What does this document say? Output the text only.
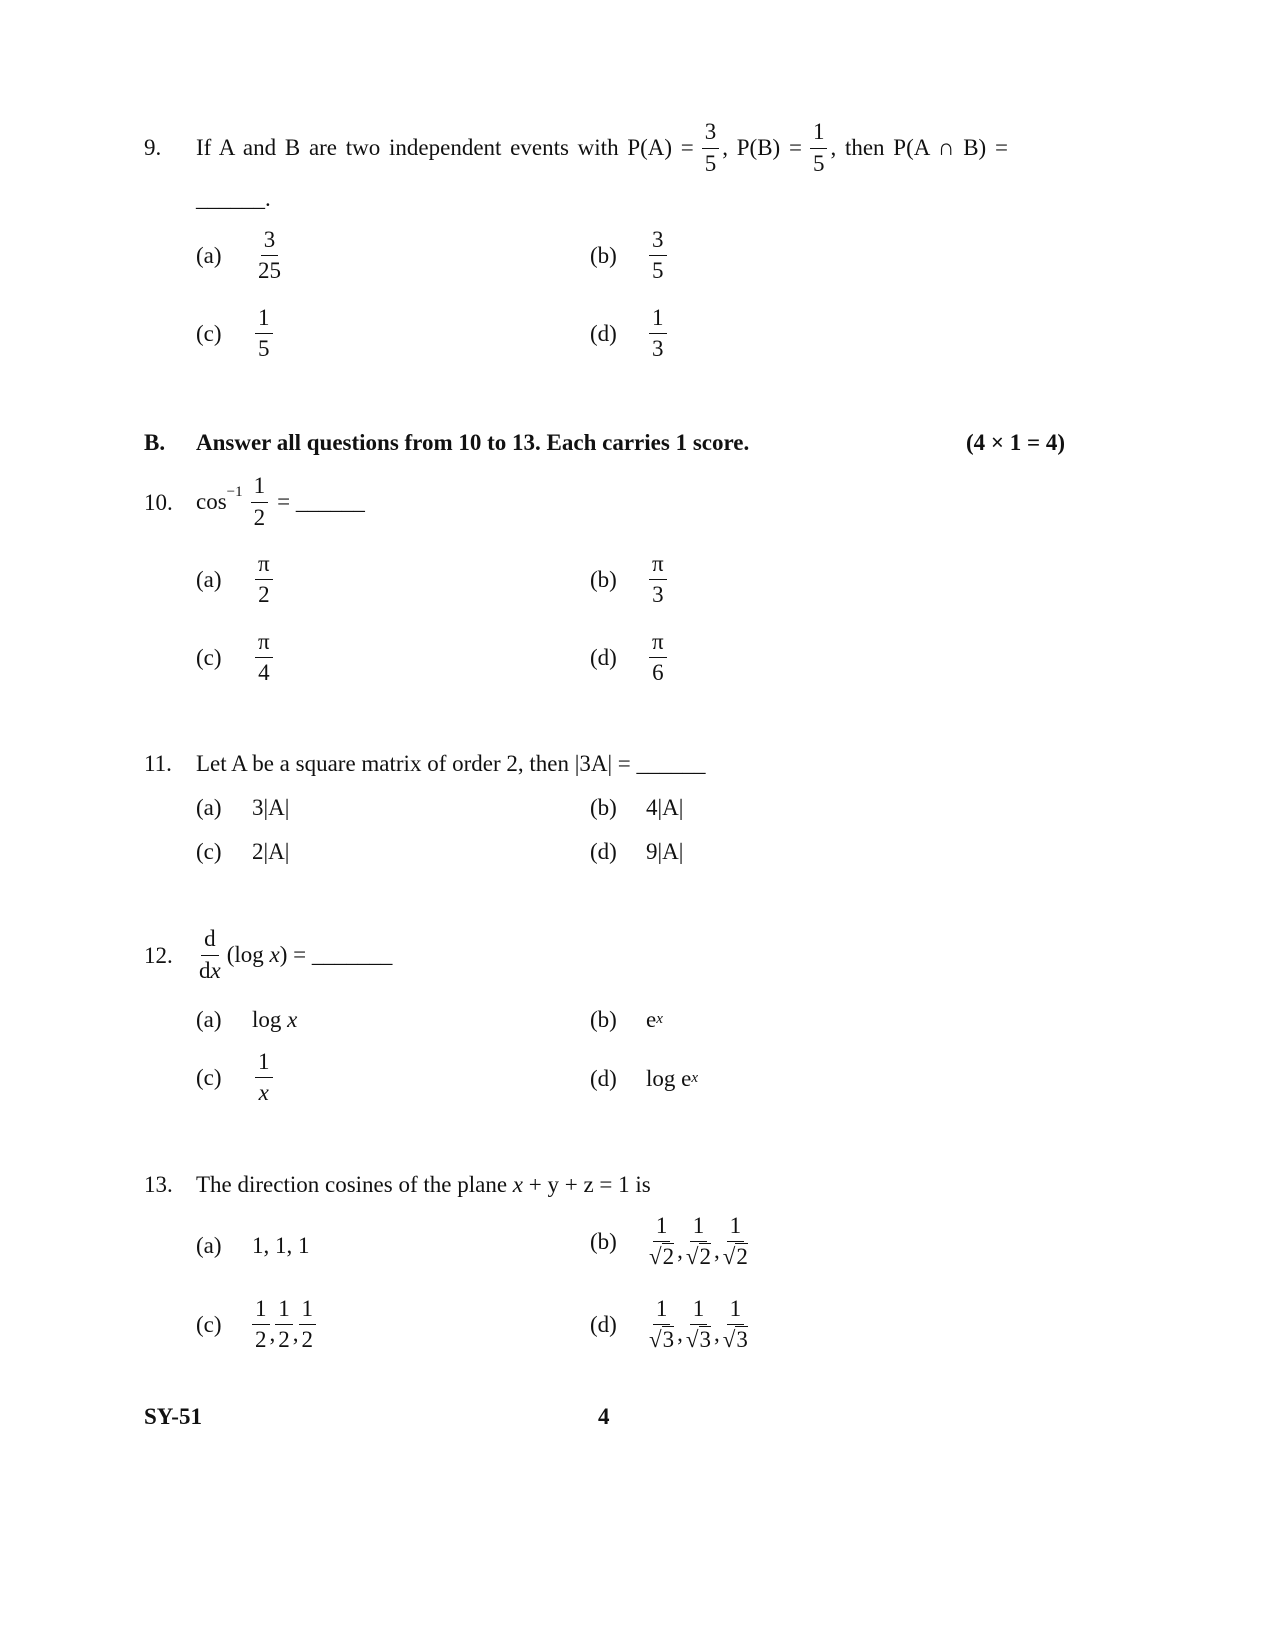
9. If A and B are two independent events with $P(A) = \frac{3}{5}$ , $P(B) = \frac{1}{5}$ , then P(A ∩ B) =
______.
(a)	$\frac{3}{25}$	(b)	$\frac{3}{5}$
(c)	$\frac{1}{5}$	(d)	$\frac{1}{3}$
B. Answer all questions from 10 to 13. Each carries 1 score.	(4 × 1 = 4)
10. $\cos^{-1} \frac{1}{2}$ = ______
(a)	$\frac{\pi}{2}$	(b)	$\frac{\pi}{3}$
(c)	$\frac{\pi}{4}$	(d)	$\frac{\pi}{6}$
11. Let A be a square matrix of order 2, then |3A| = ______
(a) 3|A|	(b) 4|A|
(c) 2|A|	(d) 9|A|
12. $\frac{d}{dx} (\log$ x ) = _______
(a) log x	(b) $e^x$
(c)	$\frac{1}{x}$	(d) $\log e^x$
13. The direction cosines of the plane x + y + z = 1 is
(a) 1, 1, 1	(b)	$\frac{1}{√2}$ , $\frac{1}{√2}$ , $\frac{1}{√2}$
(c)	$\frac{1}{2}$ , $\frac{1}{2}$ , $\frac{1}{2}$	(d)	$\frac{1}{√3}$ , $\frac{1}{√3}$ , $\frac{1}{√3}$
SY-51	4
